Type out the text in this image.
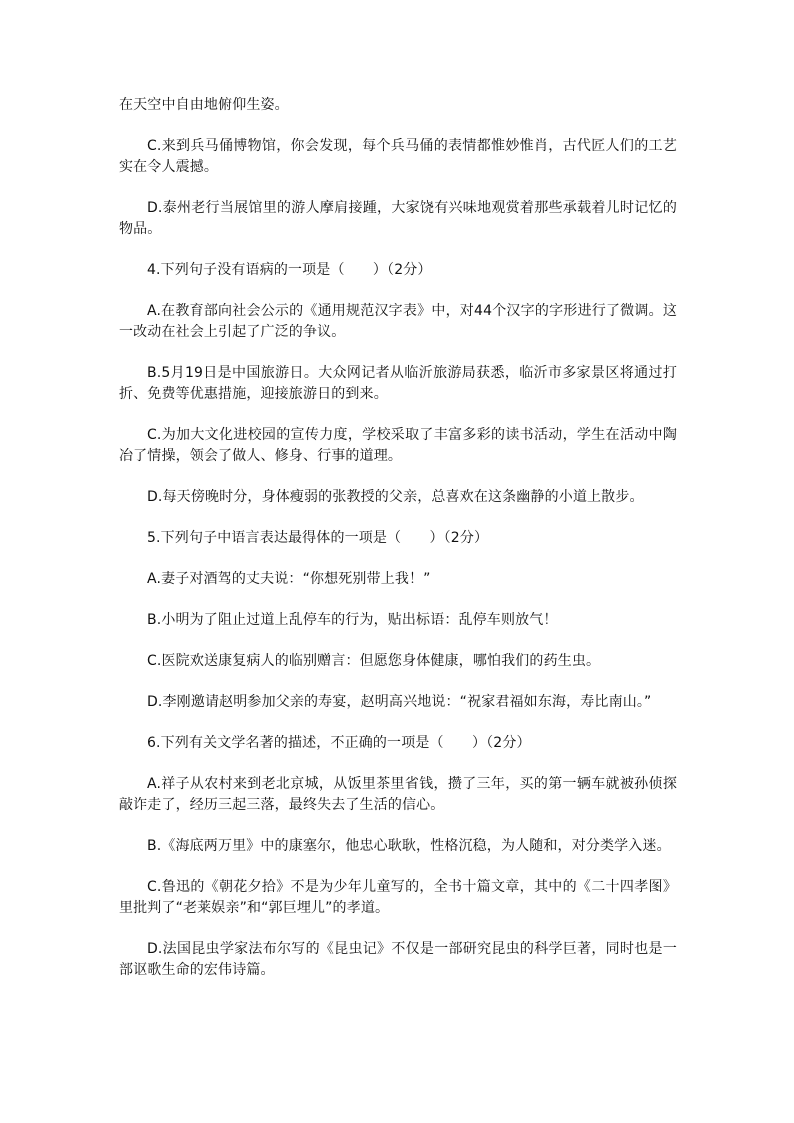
在天空中自由地俯仰生姿。

C.来到兵马俑博物馆，你会发现，每个兵马俑的表情都惟妙惟肖，古代匠人们的工艺实在令人震撼。

D.泰州老行当展馆里的游人摩肩接踵，大家饶有兴味地观赏着那些承载着儿时记忆的物品。

4.下列句子没有语病的一项是（　　）（2分）

A.在教育部向社会公示的《通用规范汉字表》中，对44个汉字的字形进行了微调。这一改动在社会上引起了广泛的争议。

B.5月19日是中国旅游日。大众网记者从临沂旅游局获悉，临沂市多家景区将通过打折、免费等优惠措施，迎接旅游日的到来。

C.为加大文化进校园的宣传力度，学校采取了丰富多彩的读书活动，学生在活动中陶冶了情操，领会了做人、修身、行事的道理。

D.每天傍晚时分，身体瘦弱的张教授的父亲，总喜欢在这条幽静的小道上散步。

5.下列句子中语言表达最得体的一项是（　　）（2分）

A.妻子对酒驾的丈夫说：“你想死别带上我！”

B.小明为了阻止过道上乱停车的行为，贴出标语：乱停车则放气！

C.医院欢送康复病人的临别赠言：但愿您身体健康，哪怕我们的药生虫。

D.李刚邀请赵明参加父亲的寿宴，赵明高兴地说：“祝家君福如东海，寿比南山。”

6.下列有关文学名著的描述，不正确的一项是（　　）（2分）

A.祥子从农村来到老北京城，从饭里茶里省钱，攒了三年，买的第一辆车就被孙侦探敲诈走了，经历三起三落，最终失去了生活的信心。

B.《海底两万里》中的康塞尔，他忠心耿耿，性格沉稳，为人随和，对分类学入迷。

C.鲁迅的《朝花夕拾》不是为少年儿童写的，全书十篇文章，其中的《二十四孝图》里批判了“老莱娱亲”和“郭巨埋儿”的孝道。

D.法国昆虫学家法布尔写的《昆虫记》不仅是一部研究昆虫的科学巨著，同时也是一部讴歌生命的宏伟诗篇。
